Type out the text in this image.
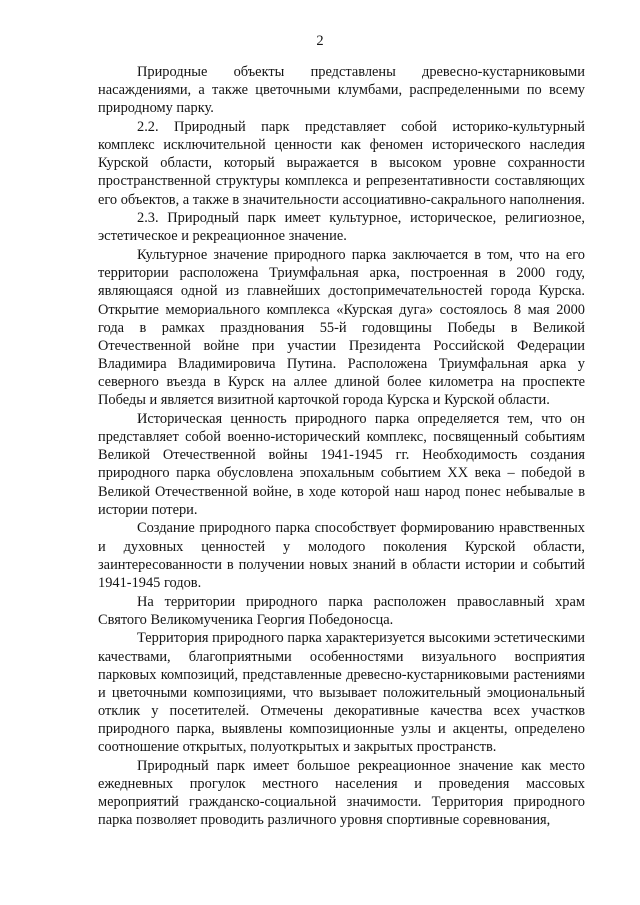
2

Природные объекты представлены древесно-кустарниковыми насаждениями, а также цветочными клумбами, распределенными по всему природному парку.

2.2. Природный парк представляет собой историко-культурный комплекс исключительной ценности как феномен исторического наследия Курской области, который выражается в высоком уровне сохранности пространственной структуры комплекса и репрезентативности составляющих его объектов, а также в значительности ассоциативно-сакрального наполнения.

2.3. Природный парк имеет культурное, историческое, религиозное, эстетическое и рекреационное значение.

Культурное значение природного парка заключается в том, что на его территории расположена Триумфальная арка, построенная в 2000 году, являющаяся одной из главнейших достопримечательностей города Курска. Открытие мемориального комплекса «Курская дуга» состоялось 8 мая 2000 года в рамках празднования 55-й годовщины Победы в Великой Отечественной войне при участии Президента Российской Федерации Владимира Владимировича Путина. Расположена Триумфальная арка у северного въезда в Курск на аллее длиной более километра на проспекте Победы и является визитной карточкой города Курска и Курской области.

Историческая ценность природного парка определяется тем, что он представляет собой военно-исторический комплекс, посвященный событиям Великой Отечественной войны 1941-1945 гг. Необходимость создания природного парка обусловлена эпохальным событием XX века – победой в Великой Отечественной войне, в ходе которой наш народ понес небывалые в истории потери.

Создание природного парка способствует формированию нравственных и духовных ценностей у молодого поколения Курской области, заинтересованности в получении новых знаний в области истории и событий 1941-1945 годов.

На территории природного парка расположен православный храм Святого Великомученика Георгия Победоносца.

Территория природного парка характеризуется высокими эстетическими качествами, благоприятными особенностями визуального восприятия парковых композиций, представленные древесно-кустарниковыми растениями и цветочными композициями, что вызывает положительный эмоциональный отклик у посетителей. Отмечены декоративные качества всех участков природного парка, выявлены композиционные узлы и акценты, определено соотношение открытых, полуоткрытых и закрытых пространств.

Природный парк имеет большое рекреационное значение как место ежедневных прогулок местного населения и проведения массовых мероприятий гражданско-социальной значимости. Территория природного парка позволяет проводить различного уровня спортивные соревнования,
